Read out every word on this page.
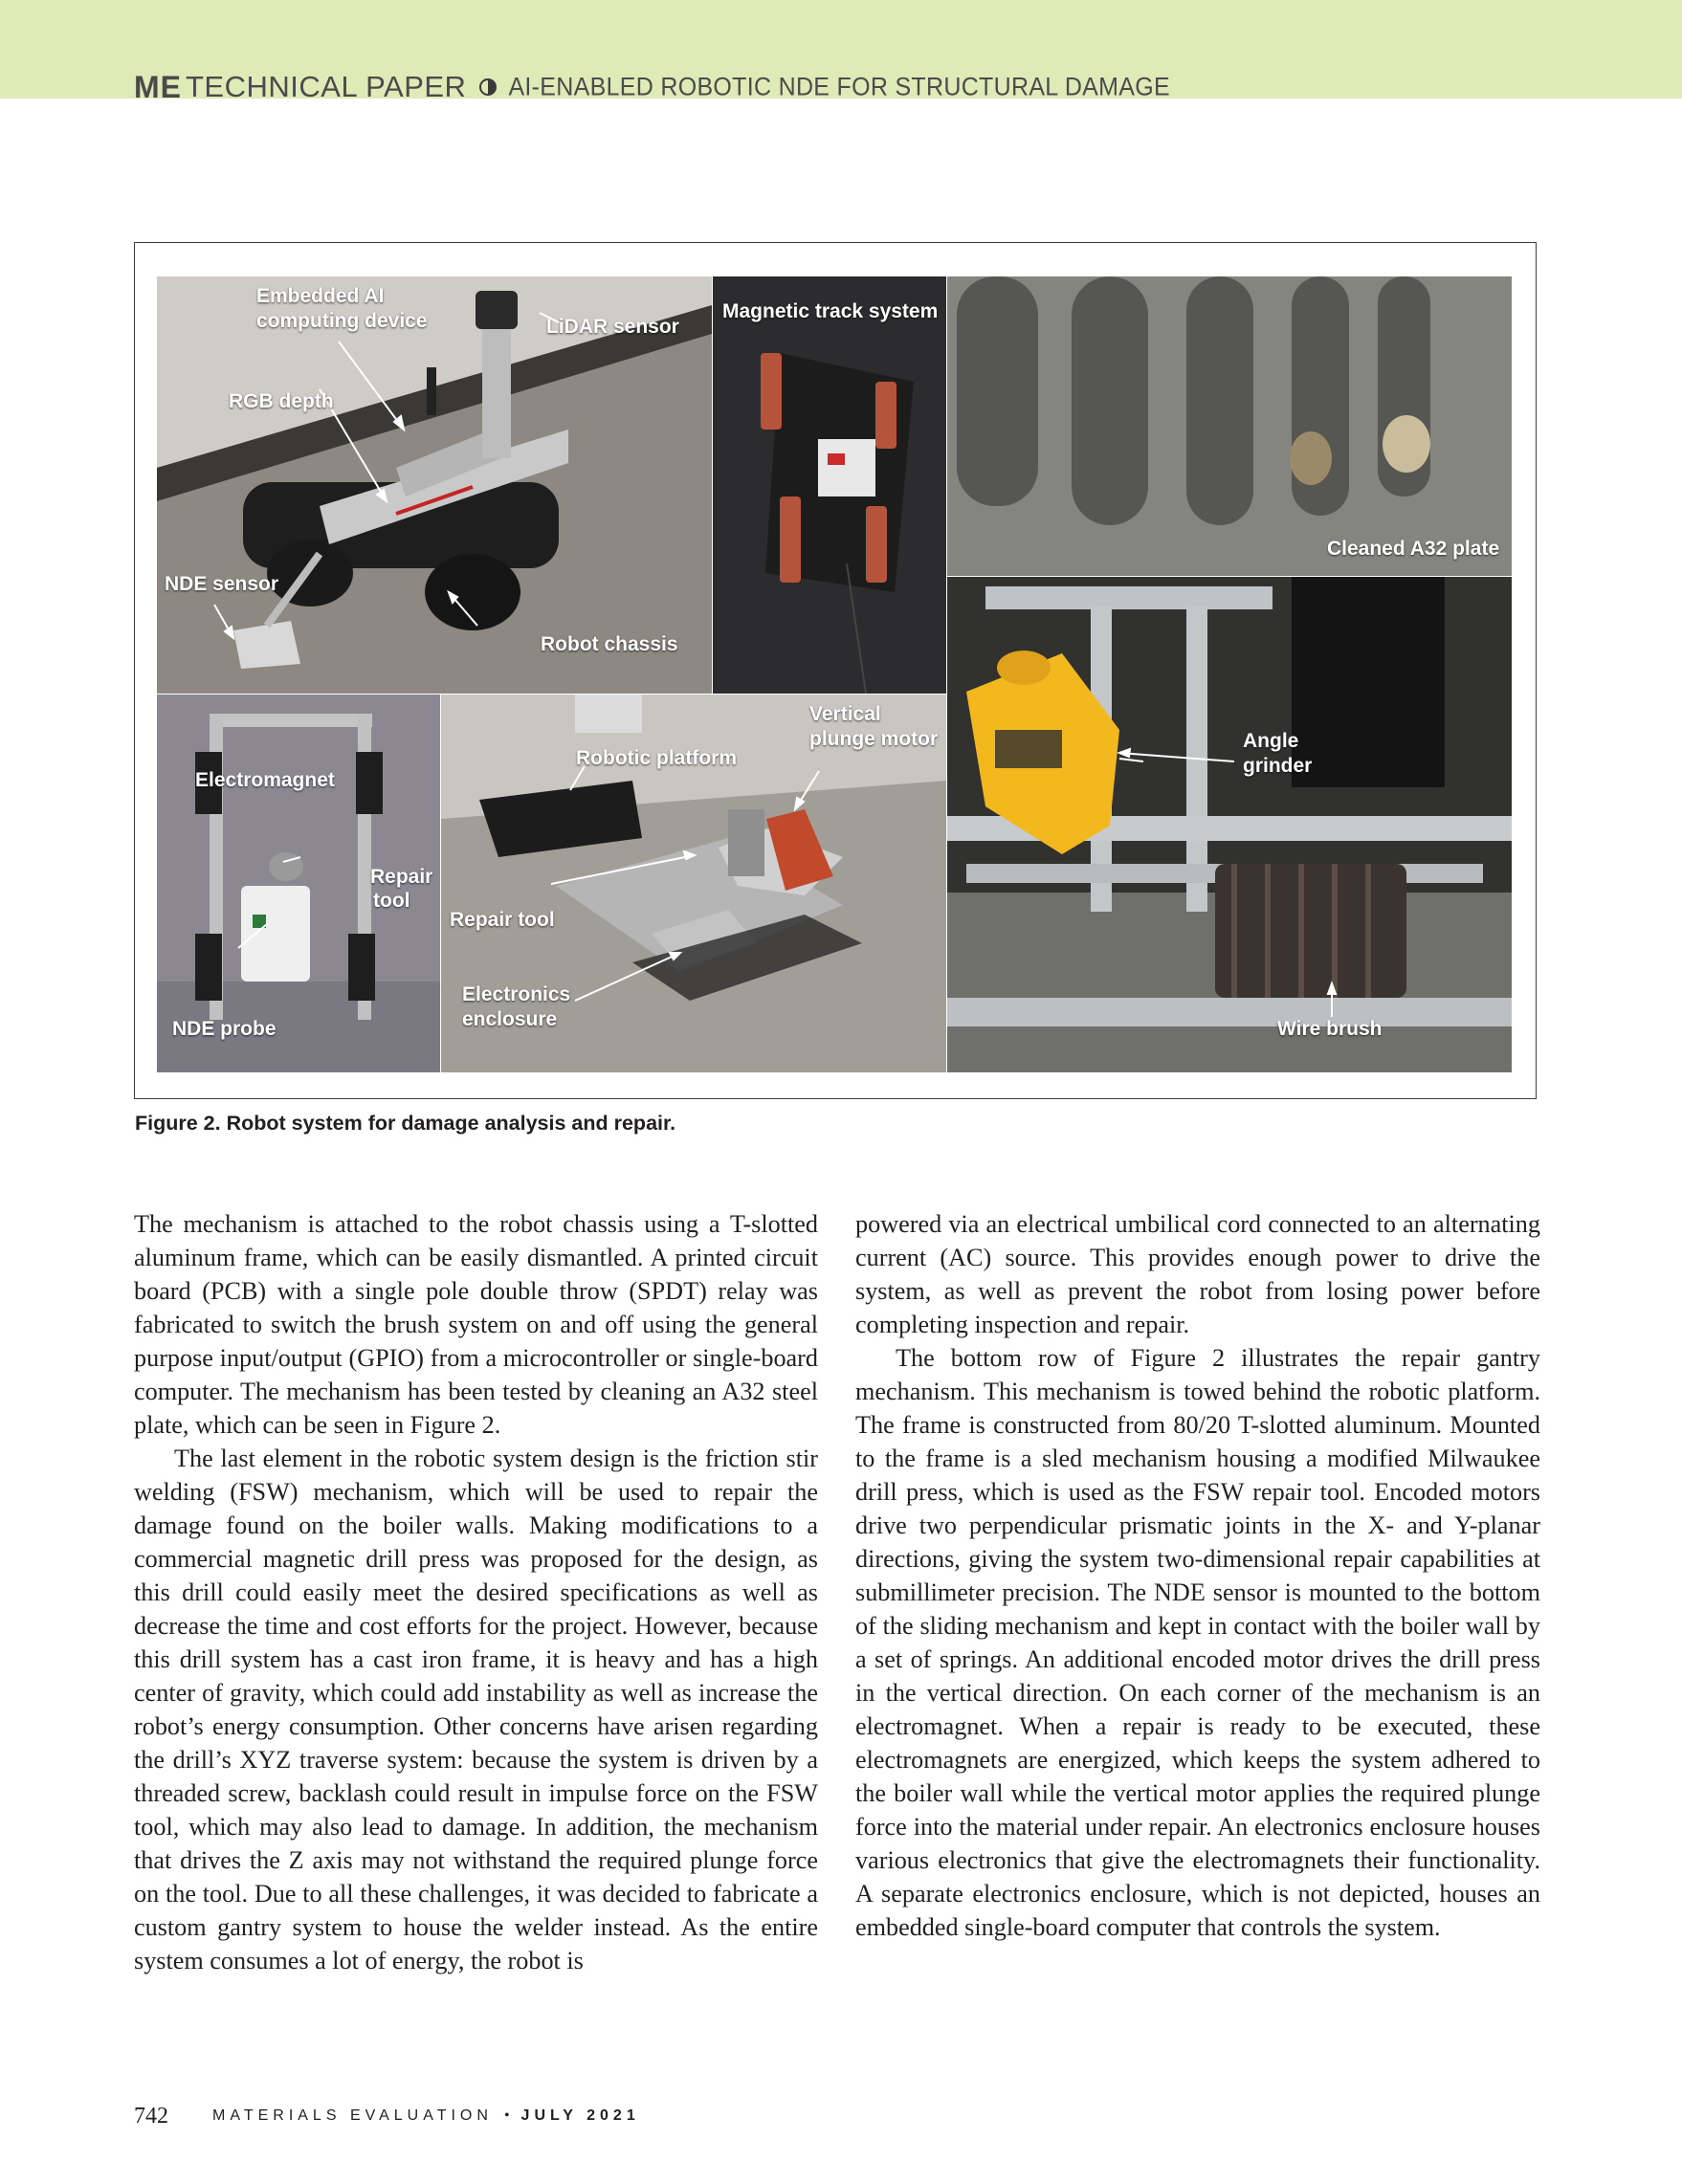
ME TECHNICAL PAPER AI-ENABLED ROBOTIC NDE FOR STRUCTURAL DAMAGE
Embedded AI
computing device	LiDAR sensor
RGB depth
NDE sensor
Robot chassis
Magnetic track system
Cleaned A32 plate
Electromagnet
Repair
tool
NDE probe
Robotic platform
Vertical
plunge motor
Repair tool
Electronics
enclosure
Angle
grinder
Wire brush
Figure 2. Robot system for damage analysis and repair.

The mechanism is attached to the robot chassis using a T-slotted aluminum frame, which can be easily dismantled. A printed circuit board (PCB) with a single pole double throw (SPDT) relay was fabricated to switch the brush system on and off using the general purpose input/output (GPIO) from a microcontroller or single-board computer. The mechanism has been tested by cleaning an A32 steel plate, which can be seen in Figure 2.

The last element in the robotic system design is the friction stir welding (FSW) mechanism, which will be used to repair the damage found on the boiler walls. Making modifications to a commercial magnetic drill press was proposed for the design, as this drill could easily meet the desired specifications as well as decrease the time and cost efforts for the project. However, because this drill system has a cast iron frame, it is heavy and has a high center of gravity, which could add instability as well as increase the robot’s energy consumption. Other concerns have arisen regarding the drill’s XYZ traverse system: because the system is driven by a threaded screw, backlash could result in impulse force on the FSW tool, which may also lead to damage. In addition, the mechanism that drives the Z axis may not withstand the required plunge force on the tool. Due to all these challenges, it was decided to fabricate a custom gantry system to house the welder instead. As the entire system consumes a lot of energy, the robot is

powered via an electrical umbilical cord connected to an alternating current (AC) source. This provides enough power to drive the system, as well as prevent the robot from losing power before completing inspection and repair.

The bottom row of Figure 2 illustrates the repair gantry mechanism. This mechanism is towed behind the robotic platform. The frame is constructed from 80/20 T-slotted aluminum. Mounted to the frame is a sled mechanism housing a modified Milwaukee drill press, which is used as the FSW repair tool. Encoded motors drive two perpendicular prismatic joints in the X- and Y-planar directions, giving the system two-dimensional repair capabilities at submillimeter precision. The NDE sensor is mounted to the bottom of the sliding mechanism and kept in contact with the boiler wall by a set of springs. An additional encoded motor drives the drill press in the vertical direction. On each corner of the mechanism is an electromagnet. When a repair is ready to be executed, these electromagnets are energized, which keeps the system adhered to the boiler wall while the vertical motor applies the required plunge force into the material under repair. An electronics enclosure houses various electronics that give the electromagnets their functionality. A separate electronics enclosure, which is not depicted, houses an embedded single-board computer that controls the system.

742	MATERIALS EVALUATION • JULY 2021
